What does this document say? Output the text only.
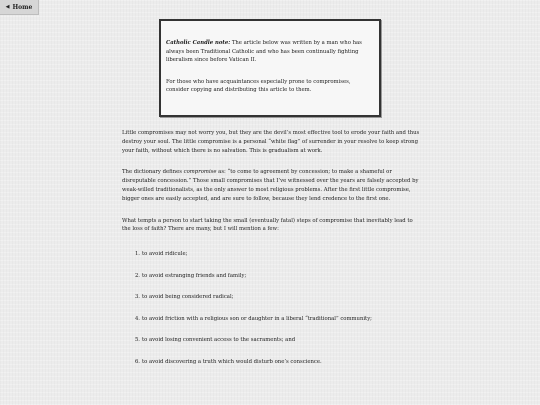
◀ Home

Catholic Candle note: The article below was written by a man who has always been Traditional Catholic and who has been continually fighting liberalism since before Vatican II.

For those who have acquaintances especially prone to compromises, consider copying and distributing this article to them.

Little compromises may not worry you, but they are the devil’s most effective tool to erode your faith and thus destroy your soul. The little compromise is a personal “white flag” of surrender in your resolve to keep strong your faith, without which there is no salvation. This is gradualism at work.

The dictionary defines compromise as: “to come to agreement by concession; to make a shameful or disreputable concession.” Those small compromises that I’ve witnessed over the years are falsely accepted by weak-willed traditionalists, as the only answer to most religious problems. After the first little compromise, bigger ones are easily accepted, and are sure to follow, because they lend credence to the first one.

What tempts a person to start taking the small (eventually fatal) steps of compromise that inevitably lead to the loss of faith? There are many, but I will mention a few:

1. to avoid ridicule;
2. to avoid estranging friends and family;
3. to avoid being considered radical;
4. to avoid friction with a religious son or daughter in a liberal “traditional” community;
5. to avoid losing convenient access to the sacraments; and
6. to avoid discovering a truth which would disturb one’s conscience.
